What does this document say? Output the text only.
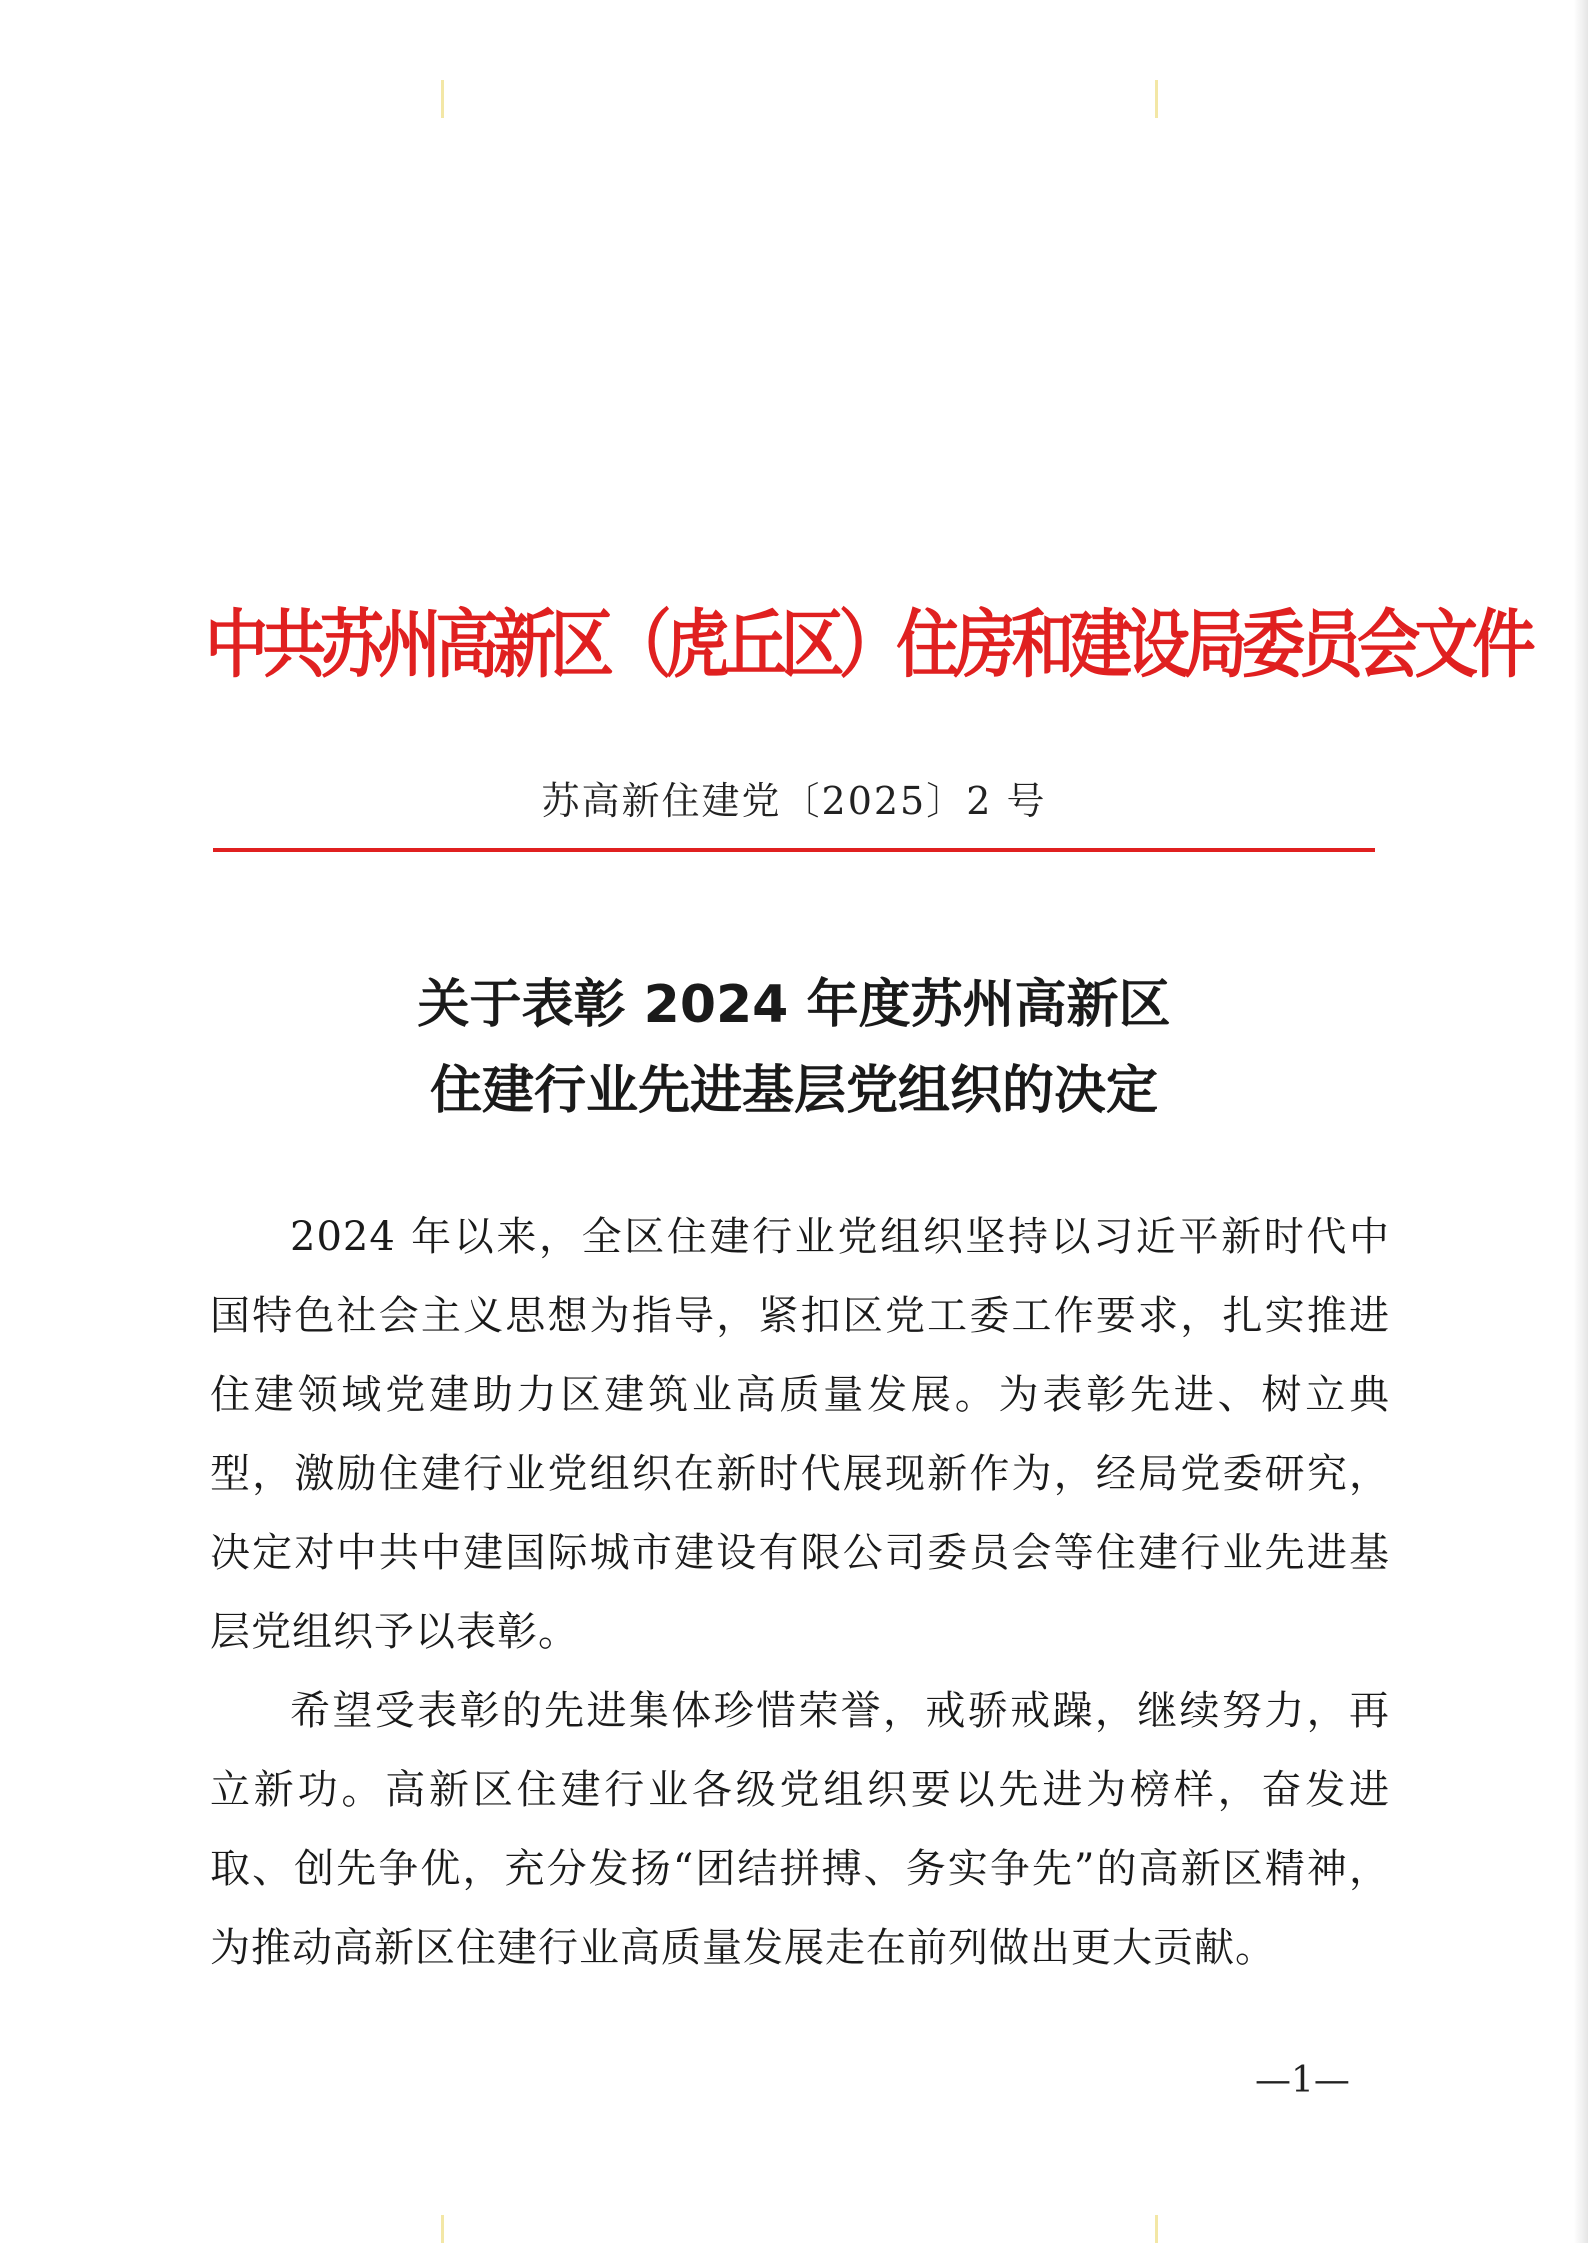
中共苏州高新区（虎丘区）住房和建设局委员会文件
苏高新住建党〔2025〕2 号
关于表彰 2024 年度苏州高新区
住建行业先进基层党组织的决定

2024 年以来，全区住建行业党组织坚持以习近平新时代中国特色社会主义思想为指导，紧扣区党工委工作要求，扎实推进住建领域党建助力区建筑业高质量发展。为表彰先进、树立典型，激励住建行业党组织在新时代展现新作为，经局党委研究，决定对中共中建国际城市建设有限公司委员会等住建行业先进基层党组织予以表彰。

希望受表彰的先进集体珍惜荣誉，戒骄戒躁，继续努力，再立新功。高新区住建行业各级党组织要以先进为榜样，奋发进取、创先争优，充分发扬“团结拼搏、务实争先”的高新区精神，为推动高新区住建行业高质量发展走在前列做出更大贡献。

—1—
